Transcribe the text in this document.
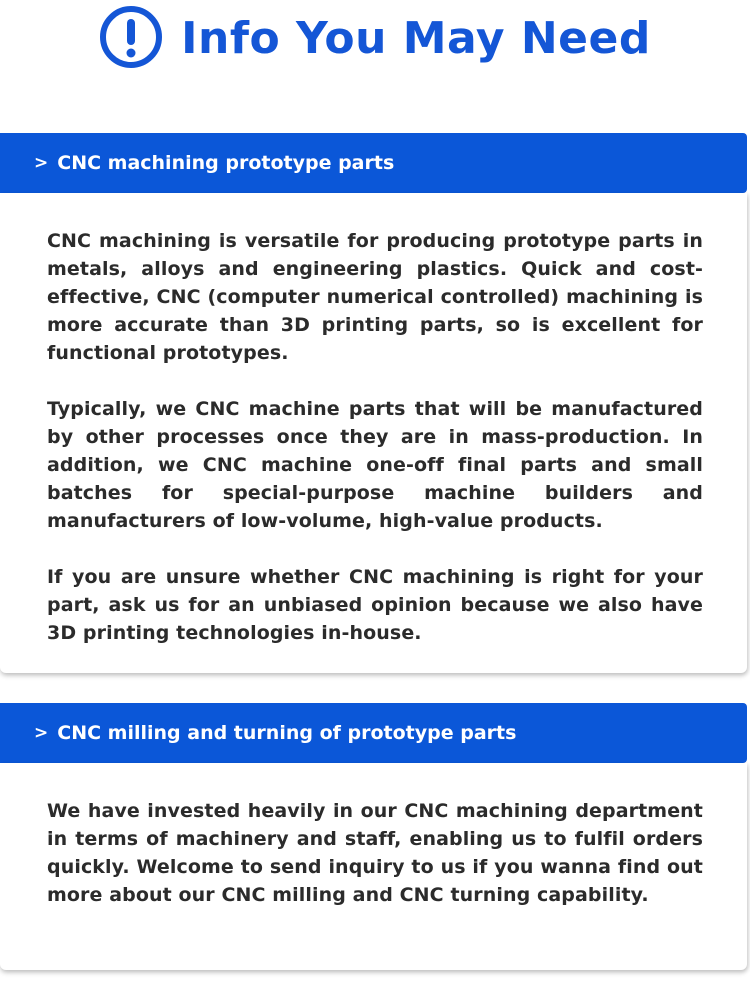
Info You May Need
> CNC machining prototype parts

CNC machining is versatile for producing prototype parts in metals, alloys and engineering plastics. Quick and cost-effective, CNC (computer numerical controlled) machining is more accurate than 3D printing parts, so is excellent for functional prototypes.

Typically, we CNC machine parts that will be manufactured by other processes once they are in mass-production. In addition, we CNC machine one-off final parts and small batches for special-purpose machine builders and manufacturers of low-volume, high-value products.

If you are unsure whether CNC machining is right for your part, ask us for an unbiased opinion because we also have 3D printing technologies in-house.

> CNC milling and turning of prototype parts

We have invested heavily in our CNC machining department in terms of machinery and staff, enabling us to fulfil orders quickly. Welcome to send inquiry to us if you wanna find out more about our CNC milling and CNC turning capability.
